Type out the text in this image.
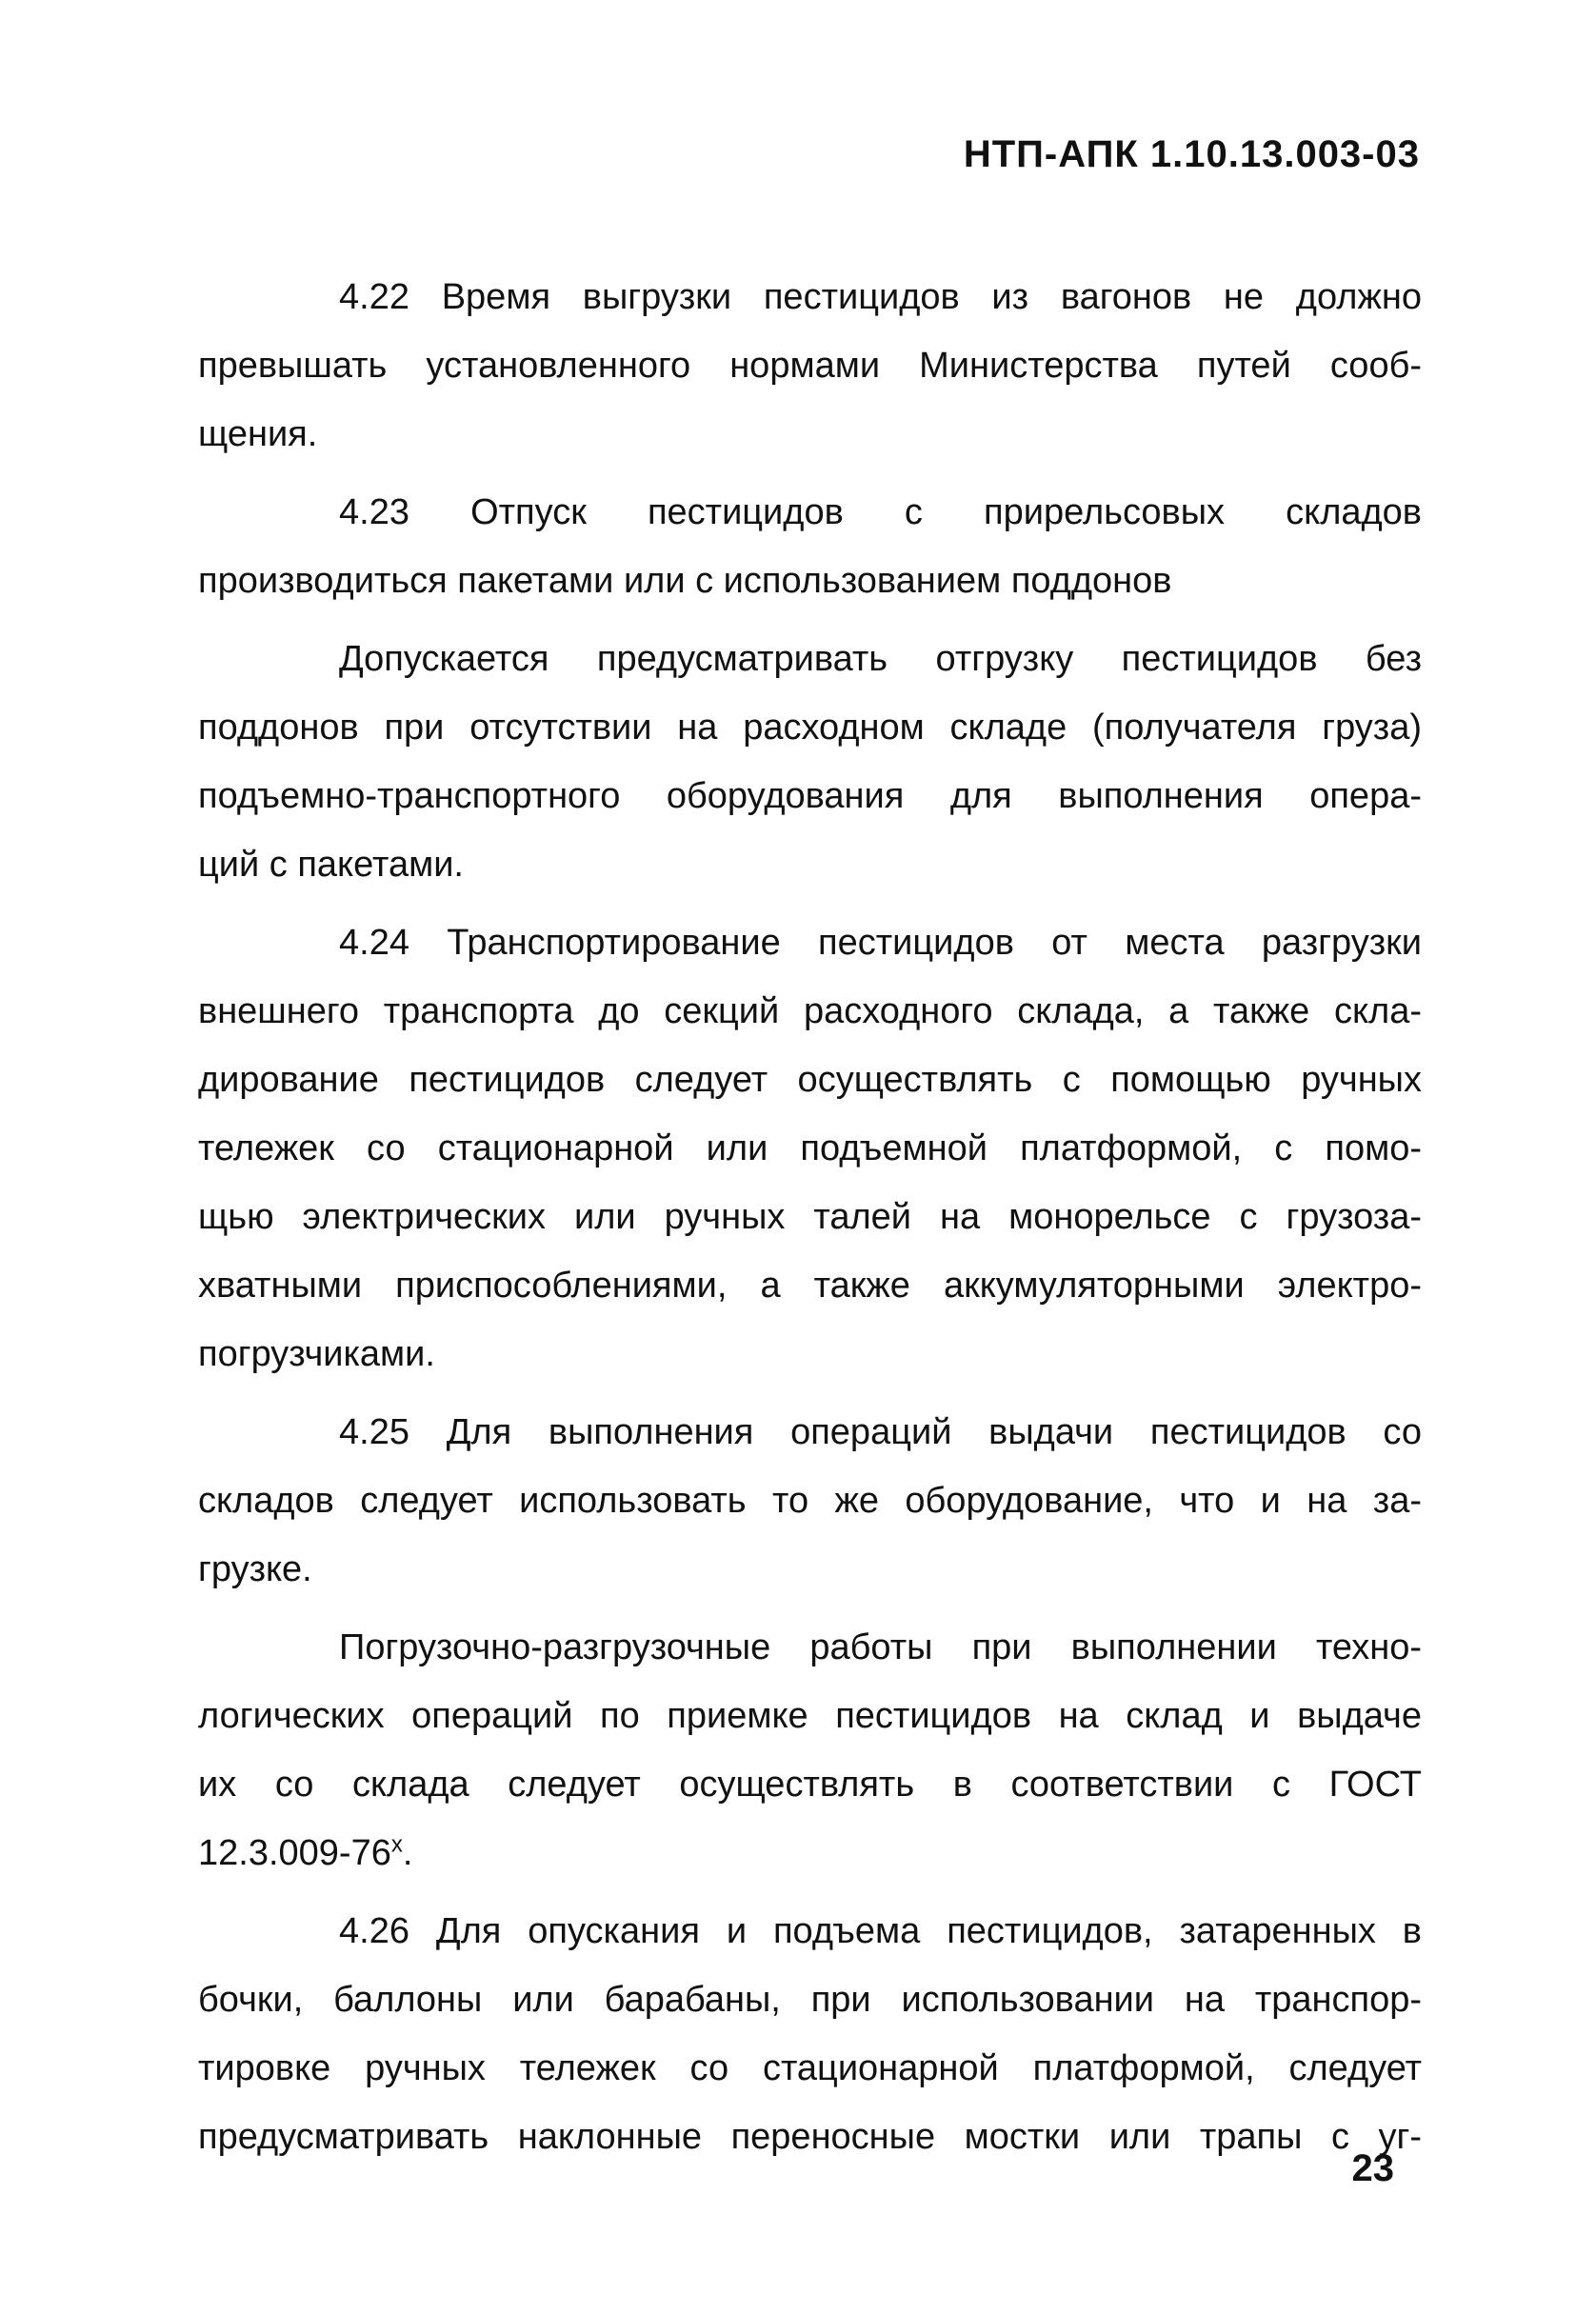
НТП-АПК 1.10.13.003-03
4.22 Время выгрузки пестицидов из вагонов не должно
превышать установленного нормами Министерства путей сооб-
щения.
4.23 Отпуск пестицидов с прирельсовых складов
производиться пакетами или с использованием поддонов
Допускается предусматривать отгрузку пестицидов без
поддонов при отсутствии на расходном складе (получателя груза)
подъемно-транспортного оборудования для выполнения опера-
ций с пакетами.
4.24 Транспортирование пестицидов от места разгрузки
внешнего транспорта до секций расходного склада, а также скла-
дирование пестицидов следует осуществлять с помощью ручных
тележек со стационарной или подъемной платформой, с помо-
щью электрических или ручных талей на монорельсе с грузоза-
хватными приспособлениями, а также аккумуляторными электро-
погрузчиками.
4.25 Для выполнения операций выдачи пестицидов со
складов следует использовать то же оборудование, что и на за-
грузке.
Погрузочно-разгрузочные работы при выполнении техно-
логических операций по приемке пестицидов на склад и выдаче
их со склада следует осуществлять в соответствии с ГОСТ
$12.3.009-76^х$.
4.26 Для опускания и подъема пестицидов, затаренных в
бочки, баллоны или барабаны, при использовании на транспор-
тировке ручных тележек со стационарной платформой, следует
предусматривать наклонные переносные мостки или трапы с уг-
23
